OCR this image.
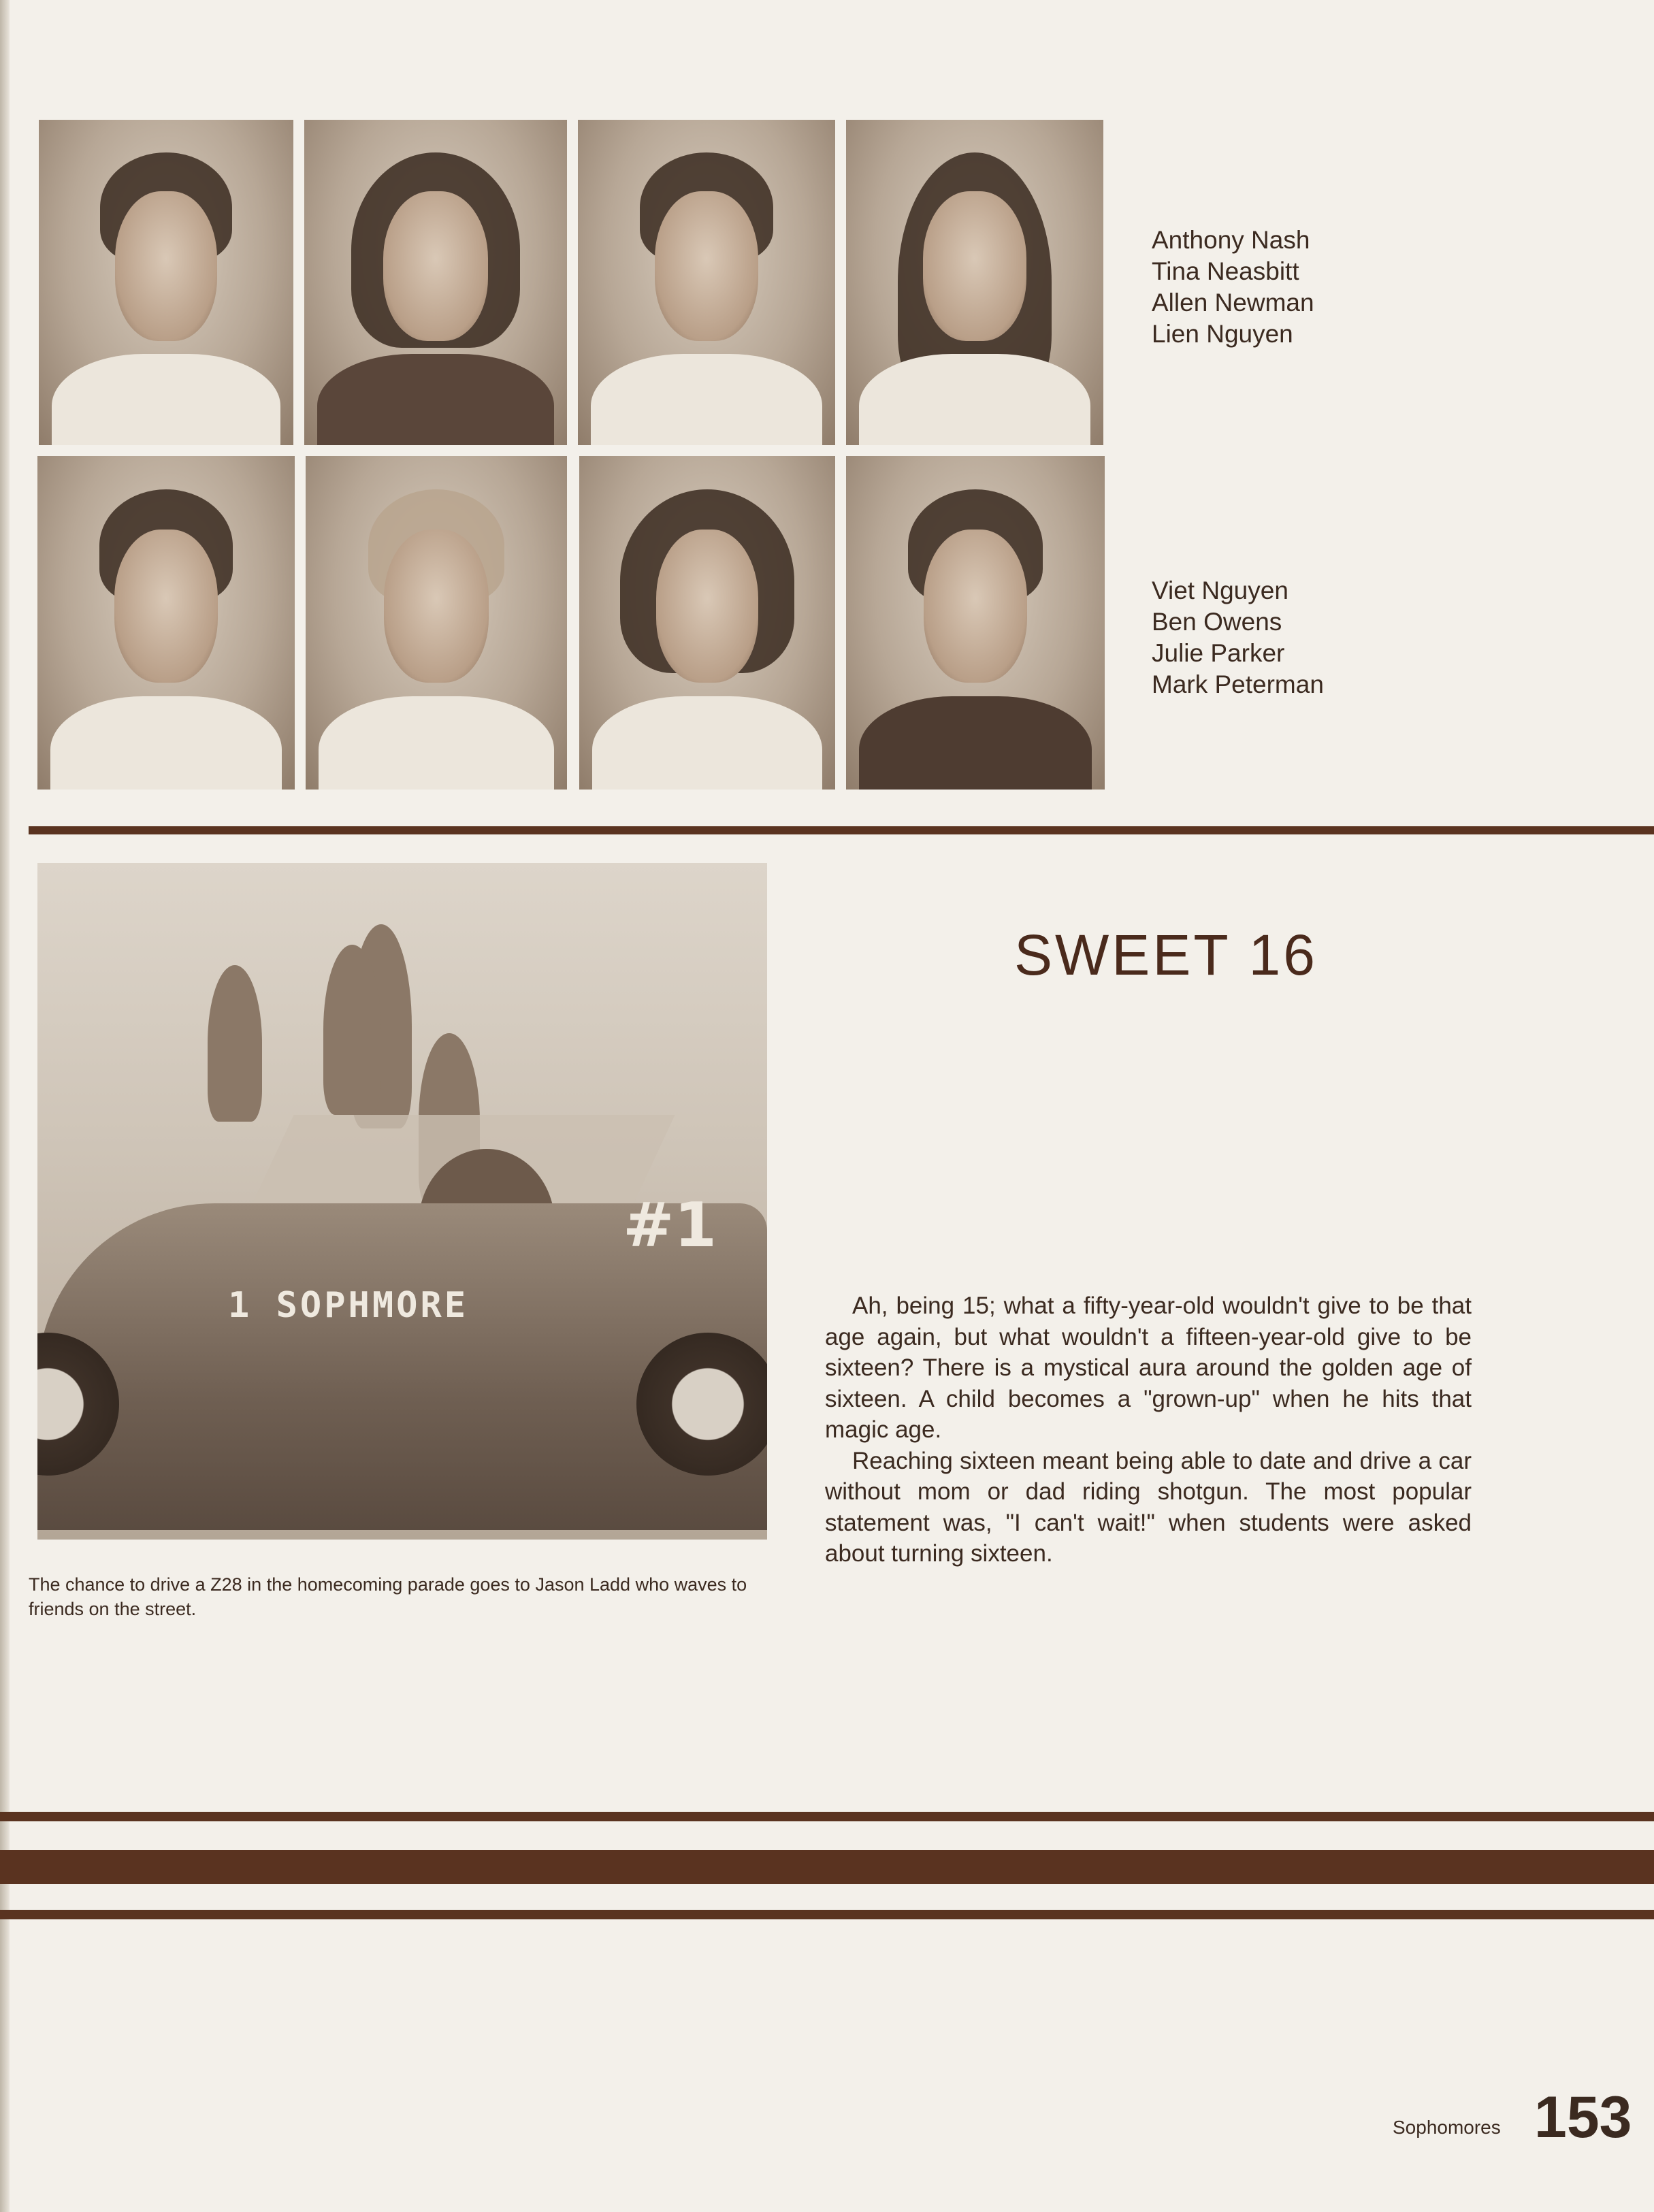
Anthony Nash
Tina Neasbitt
Allen Newman
Lien Nguyen
Viet Nguyen
Ben Owens
Julie Parker
Mark Peterman
1 SOPHMORE
#1
The chance to drive a Z28 in the homecoming parade goes to Jason Ladd who waves to friends on the street.
SWEET 16

Ah, being 15; what a fifty-year-old wouldn't give to be that age again, but what wouldn't a fifteen-year-old give to be sixteen? There is a mystical aura around the golden age of sixteen. A child becomes a "grown-up" when he hits that magic age.

Reaching sixteen meant being able to date and drive a car without mom or dad riding shotgun. The most popular statement was, "I can't wait!" when students were asked about turning sixteen.

Sophomores 153
